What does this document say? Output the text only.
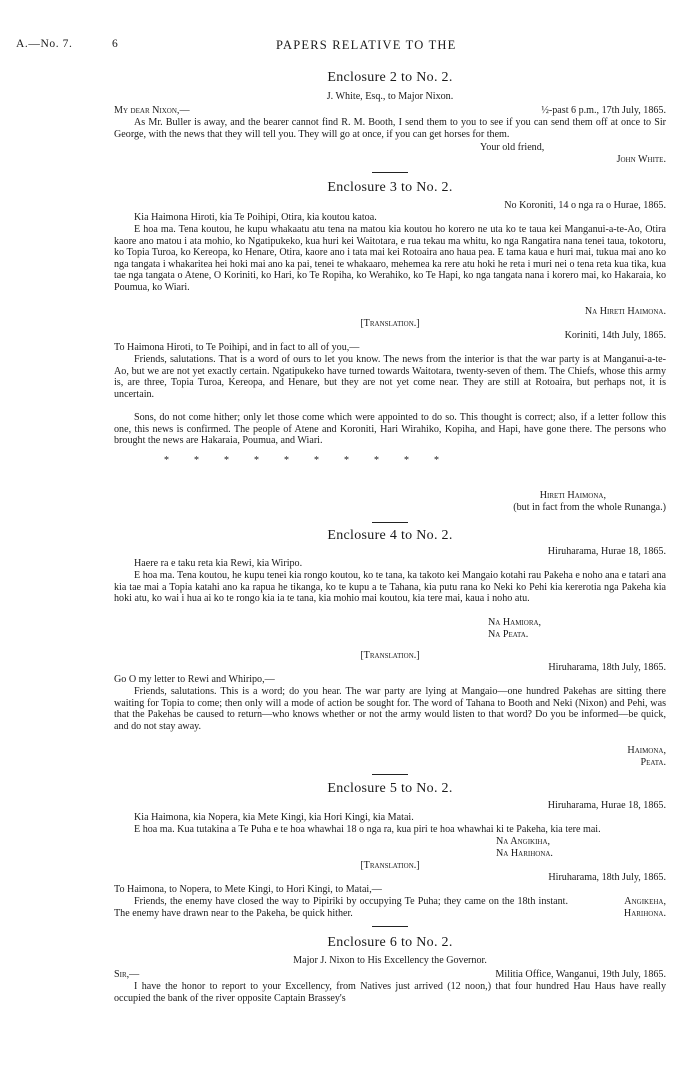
A.—No. 7.	6	PAPERS RELATIVE TO THE
Enclosure 2 to No. 2.
J. White, Esq., to Major Nixon.
My dear Nixon,—	½-past 6 p.m., 17th July, 1865.
As Mr. Buller is away, and the bearer cannot find R. M. Booth, I send them to you to see if you can send them off at once to Sir George, with the news that they will tell you. They will go at once, if you can get horses for them.
Your old friend,
John White.
Enclosure 3 to No. 2.
No Koroniti, 14 o nga ra o Hurae, 1865.
Kia Haimona Hiroti, kia Te Poihipi, Otira, kia koutou katoa.
E hoa ma. Tena koutou, he kupu whakaatu atu tena na matou kia koutou ho korero ne uta ko te taua kei Manganui-a-te-Ao, Otira kaore ano matou i ata mohio, ko Ngatipukeko, kua huri kei Waitotara, e rua tekau ma whitu, ko nga Rangatira nana tenei taua, tokotoru, ko Topia Turoa, ko Kereopa, ko Henare, Otira, kaore ano i tata mai kei Rotoaira ano haua pea. E tama kaua e huri mai, tukua mai ano ko nga tangata i whakaritea hei hoki mai ano ka pai, tenei te whakaaro, mehemea ka rere atu hoki he reta i muri nei o tena reta kua tika, kua tae nga tangata o Atene, O Koriniti, ko Hari, ko Te Ropiha, ko Werahiko, ko Te Hapi, ko nga tangata nana i korero mai, ko Hakaraia, ko Poumua, ko Wiari.
Na Hireti Haimona.
[Translation.]
Koriniti, 14th July, 1865.
To Haimona Hiroti, to Te Poihipi, and in fact to all of you,—
Friends, salutations. That is a word of ours to let you know. The news from the interior is that the war party is at Manganui-a-te-Ao, but we are not yet exactly certain. Ngatipukeko have turned towards Waitotara, twenty-seven of them. The Chiefs, whose this army is, are three, Topia Turoa, Kereopa, and Henare, but they are not yet come near. They are still at Rotoaira, but perhaps not, it is uncertain.
Sons, do not come hither; only let those come which were appointed to do so. This thought is correct; also, if a letter follow this one, this news is confirmed. The people of Atene and Koroniti, Hari Wirahiko, Kopiha, and Hapi, have gone there. The persons who brought the news are Hakaraia, Poumua, and Wiari.
*          *          *          *          *          *          *          *          *          *
Hireti Haimona,
(but in fact from the whole Runanga.)
Enclosure 4 to No. 2.
Hiruharama, Hurae 18, 1865.
Haere ra e taku reta kia Rewi, kia Wiripo.
E hoa ma. Tena koutou, he kupu tenei kia rongo koutou, ko te tana, ka takoto kei Mangaio kotahi rau Pakeha e noho ana e tatari ana kia tae mai a Topia katahi ano ka rapua he tikanga, ko te kupu a te Tahana, kia putu rana ko Neki ko Pehi kia kererotia nga Pakeha kia hoki atu, ko wai i hua ai ko te rongo kia ia te tana, kia mohio mai koutou, kia tere mai, kaua i noho atu.
Na Hamiora,
Na Peata.
[Translation.]
Hiruharama, 18th July, 1865.
Go O my letter to Rewi and Whiripo,—
Friends, salutations. This is a word; do you hear. The war party are lying at Mangaio—one hundred Pakehas are sitting there waiting for Topia to come; then only will a mode of action be sought for. The word of Tahana to Booth and Neki (Nixon) and Pehi, was that the Pakehas be caused to return—who knows whether or not the army would listen to that word? Do you be informed—be quick, and do not stay away.
Haimona,
Peata.
Enclosure 5 to No. 2.
Hiruharama, Hurae 18, 1865.
Kia Haimona, kia Nopera, kia Mete Kingi, kia Hori Kingi, kia Matai.
E hoa ma. Kua tutakina a Te Puha e te hoa whawhai 18 o nga ra, kua piri te hoa whawhai ki te Pakeha, kia tere mai.
Na Angikiha,
Na Harihona.
[Translation.]
Hiruharama, 18th July, 1865.
To Haimona, to Nopera, to Mete Kingi, to Hori Kingi, to Matai,—
Friends, the enemy have closed the way to Pipiriki by occupying Te Puha; they came on the 18th instant. The enemy have drawn near to the Pakeha, be quick hither.
Angikeha,
Harihona.
Enclosure 6 to No. 2.
Major J. Nixon to His Excellency the Governor.
Sir,—	Militia Office, Wanganui, 19th July, 1865.
I have the honor to report to your Excellency, from Natives just arrived (12 noon,) that four hundred Hau Haus have really occupied the bank of the river opposite Captain Brassey's
